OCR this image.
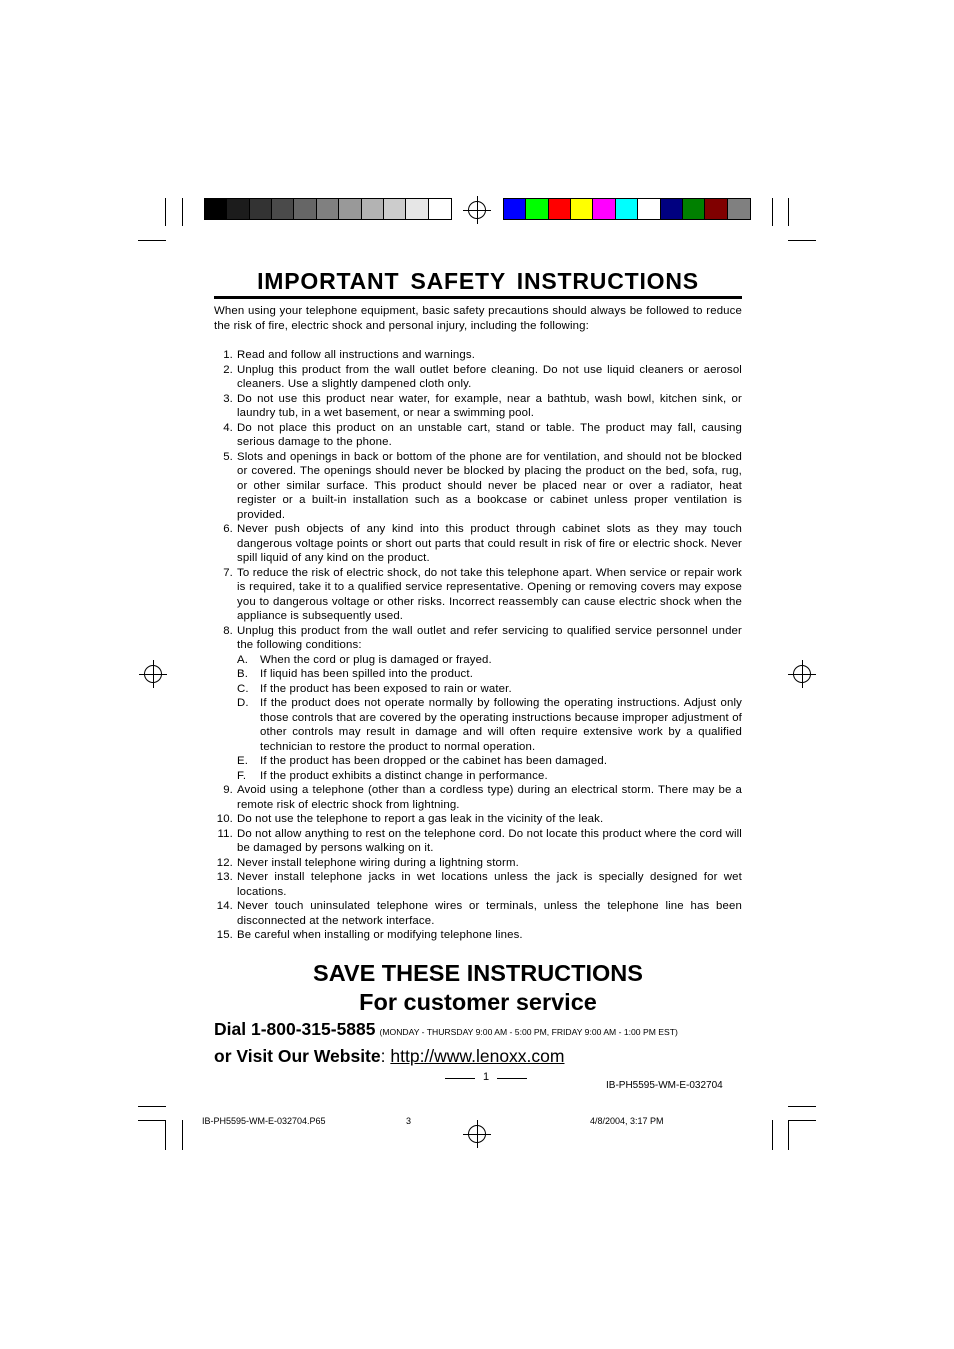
IMPORTANT SAFETY INSTRUCTIONS
When using your telephone equipment, basic safety precautions should always be followed to reduce the risk of fire, electric shock and personal injury, including the following:
1. Read and follow all instructions and warnings.
2. Unplug this product from the wall outlet before cleaning. Do not use liquid cleaners or aerosol cleaners. Use a slightly dampened cloth only.
3. Do not use this product near water, for example, near a bathtub, wash bowl, kitchen sink, or laundry tub, in a wet basement, or near a swimming pool.
4. Do not place this product on an unstable cart, stand or table. The product may fall, causing serious damage to the phone.
5. Slots and openings in back or bottom of the phone are for ventilation, and should not be blocked or covered. The openings should never be blocked by placing the product on the bed, sofa, rug, or other similar surface. This product should never be placed near or over a radiator, heat register or a built-in installation such as a bookcase or cabinet unless proper ventilation is provided.
6. Never push objects of any kind into this product through cabinet slots as they may touch dangerous voltage points or short out parts that could result in risk of fire or electric shock. Never spill liquid of any kind on the product.
7. To reduce the risk of electric shock, do not take this telephone apart. When service or repair work is required, take it to a qualified service representative. Opening or removing covers may expose you to dangerous voltage or other risks. Incorrect reassembly can cause electric shock when the appliance is subsequently used.
8. Unplug this product from the wall outlet and refer servicing to qualified service personnel under the following conditions:
A.	When the cord or plug is damaged or frayed.
B.	If liquid has been spilled into the product.
C. If the product has been exposed to rain or water.
D. If the product does not operate normally by following the operating instructions. Adjust only those controls that are covered by the operating instructions because improper adjustment of other controls may result in damage and will often require extensive work by a qualified technician to restore the product to normal operation.
E.	If the product has been dropped or the cabinet has been damaged.
F.	If the product exhibits a distinct change in performance.
9. Avoid using a telephone (other than a cordless type) during an electrical storm. There may be a remote risk of electric shock from lightning.
10. Do not use the telephone to report a gas leak in the vicinity of the leak.
11. Do not allow anything to rest on the telephone cord. Do not locate this product where the cord will be damaged by persons walking on it.
12. Never install telephone wiring during a lightning storm.
13. Never install telephone jacks in wet locations unless the jack is specially designed for wet locations.
14. Never touch uninsulated telephone wires or terminals, unless the telephone line has been disconnected at the network interface.
15. Be careful when installing or modifying telephone lines.
SAVE THESE INSTRUCTIONS
For customer service
Dial 1-800-315-5885 (MONDAY - THURSDAY 9:00 AM - 5:00 PM, FRIDAY 9:00 AM - 1:00 PM EST)
or Visit Our Website: http://www.lenoxx.com
1
IB-PH5595-WM-E-032704
IB-PH5595-WM-E-032704.P65	3	4/8/2004, 3:17 PM
